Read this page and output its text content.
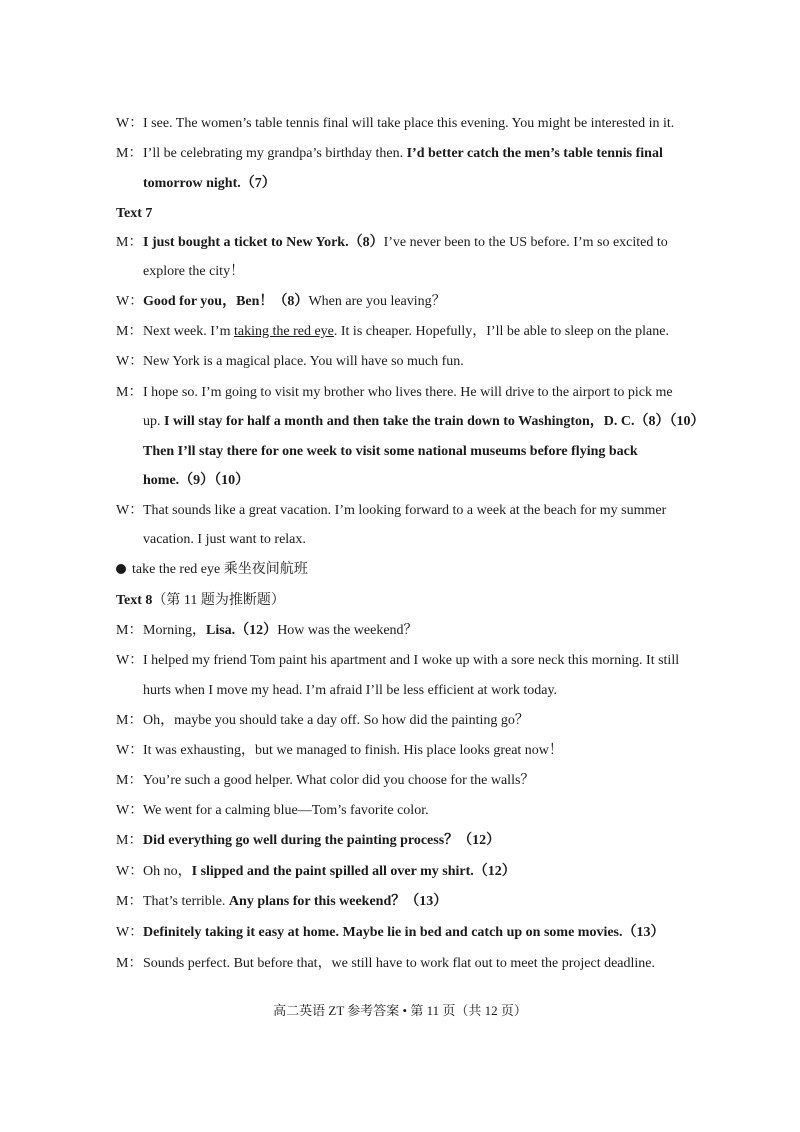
W：I see. The women’s table tennis final will take place this evening. You might be interested in it.
M：I’ll be celebrating my grandpa’s birthday then. I’d better catch the men’s table tennis final
tomorrow night.（7）
Text 7
M：I just bought a ticket to New York.（8）I’ve never been to the US before. I’m so excited to
explore the city！
W：Good for you，Ben！（8）When are you leaving？
M：Next week. I’m taking the red eye. It is cheaper. Hopefully，I’ll be able to sleep on the plane.
W：New York is a magical place. You will have so much fun.
M：I hope so. I’m going to visit my brother who lives there. He will drive to the airport to pick me
up. I will stay for half a month and then take the train down to Washington，D. C.（8）（10）
Then I’ll stay there for one week to visit some national museums before flying back
home.（9）（10）
W：That sounds like a great vacation. I’m looking forward to a week at the beach for my summer
vacation. I just want to relax.
take the red eye 乘坐夜间航班
Text 8（第 11 题为推断题）
M：Morning，Lisa.（12）How was the weekend？
W：I helped my friend Tom paint his apartment and I woke up with a sore neck this morning. It still
hurts when I move my head. I’m afraid I’ll be less efficient at work today.
M：Oh，maybe you should take a day off. So how did the painting go？
W：It was exhausting，but we managed to finish. His place looks great now！
M：You’re such a good helper. What color did you choose for the walls？
W：We went for a calming blue—Tom’s favorite color.
M：Did everything go well during the painting process？（12）
W：Oh no，I slipped and the paint spilled all over my shirt.（12）
M：That’s terrible. Any plans for this weekend？（13）
W：Definitely taking it easy at home. Maybe lie in bed and catch up on some movies.（13）
M：Sounds perfect. But before that，we still have to work flat out to meet the project deadline.
高二英语 ZT 参考答案 • 第 11 页（共 12 页）
